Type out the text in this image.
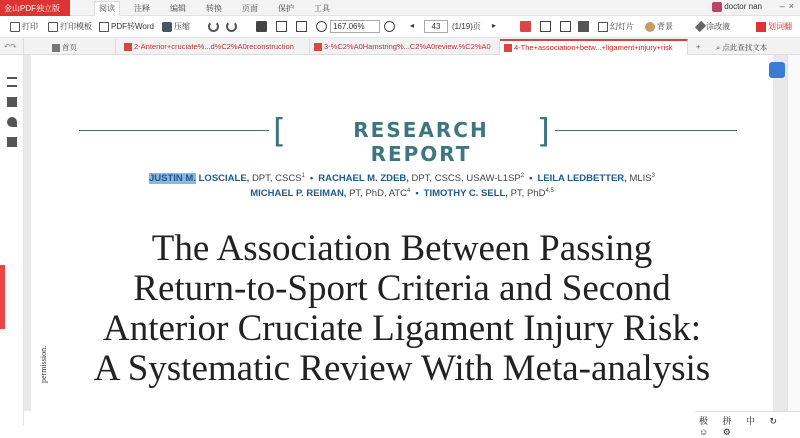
金山PDF独立版	阅读	注释	编辑	转换	页面	保护	工具	doctor nan –×
打印	打印模板	PDF转Word	压缩	167.06%	◂	43	(1/19)页 ▸	幻灯片	背景	涂改液	划词翻
↶↷	首页	2-Anterior+cruciate%...d%C2%A0reconstruction	3-%C2%A0Hamstring%...C2%A0review.%C2%A0	4-The+association+betw...+ligament+injury+risk	+	⌕ 点此查找文本
[	RESEARCH REPORT
]
JUSTIN M. LOSCIALE, DPT, CSCS$^1$ • RACHAEL M. ZDEB, DPT, CSCS, USAW-$L1SP^2$ • LEILA LEDBETTER, MLIS$^3$
MICHAEL P. REIMAN, PT, PhD, ATC$^4$ • TIMOTHY C. SELL, PT, PhD$^{4,5}$
The Association Between Passing
Return-to-Sport Criteria and Second
Anterior Cruciate Ligament Injury Risk:
A Systematic Review With Meta-analysis
permission.
极 拼 中 ↻ ☺ ⚙
